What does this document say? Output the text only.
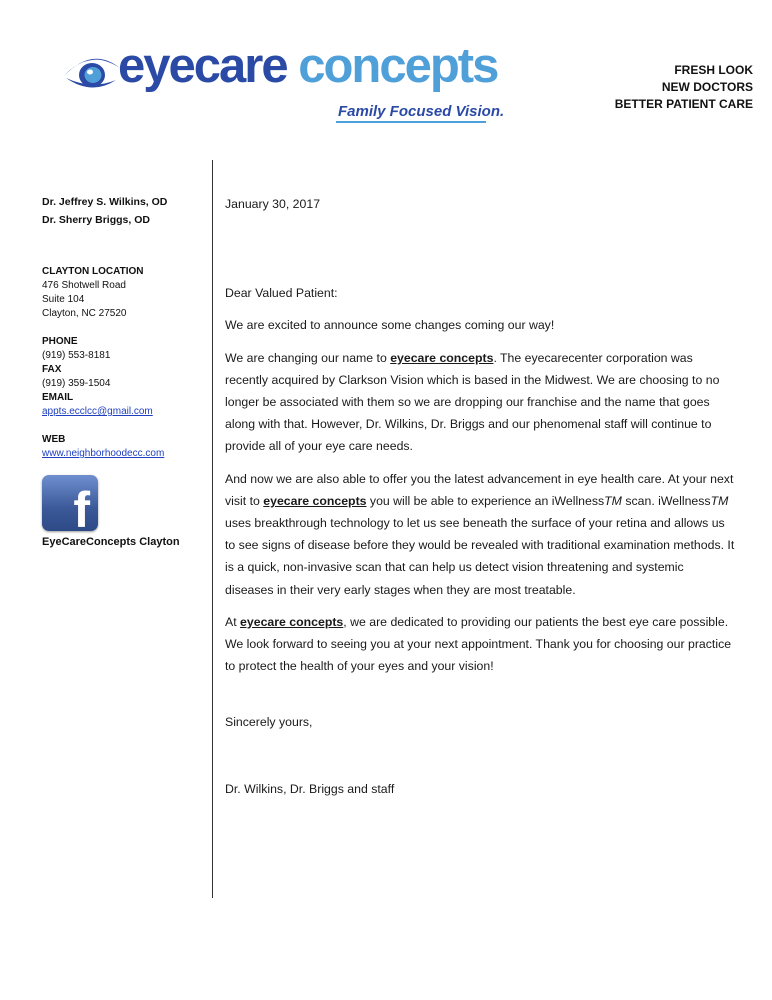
eyecare concepts
Family Focused Vision.
FRESH LOOK
NEW DOCTORS
BETTER PATIENT CARE
Dr. Jeffrey S. Wilkins, OD
Dr. Sherry Briggs, OD
CLAYTON LOCATION
476 Shotwell Road
Suite 104
Clayton, NC 27520
PHONE
(919) 553-8181
FAX
(919) 359-1504
EMAIL
appts.ecclcc@gmail.com
WEB
www.neighborhoodecc.com
f
EyeCareConcepts Clayton

January 30, 2017

Dear Valued Patient:

We are excited to announce some changes coming our way!

We are changing our name to eyecare concepts. The eyecarecenter corporation was recently acquired by Clarkson Vision which is based in the Midwest. We are choosing to no longer be associated with them so we are dropping our franchise and the name that goes along with that. However, Dr. Wilkins, Dr. Briggs and our phenomenal staff will continue to provide all of your eye care needs.

And now we are also able to offer you the latest advancement in eye health care. At your next visit to eyecare concepts you will be able to experience an iWellnessTM scan. iWellnessTM uses breakthrough technology to let us see beneath the surface of your retina and allows us to see signs of disease before they would be revealed with traditional examination methods. It is a quick, non-invasive scan that can help us detect vision threatening and systemic diseases in their very early stages when they are most treatable.

At eyecare concepts, we are dedicated to providing our patients the best eye care possible. We look forward to seeing you at your next appointment. Thank you for choosing our practice to protect the health of your eyes and your vision!

Sincerely yours,

Dr. Wilkins, Dr. Briggs and staff
